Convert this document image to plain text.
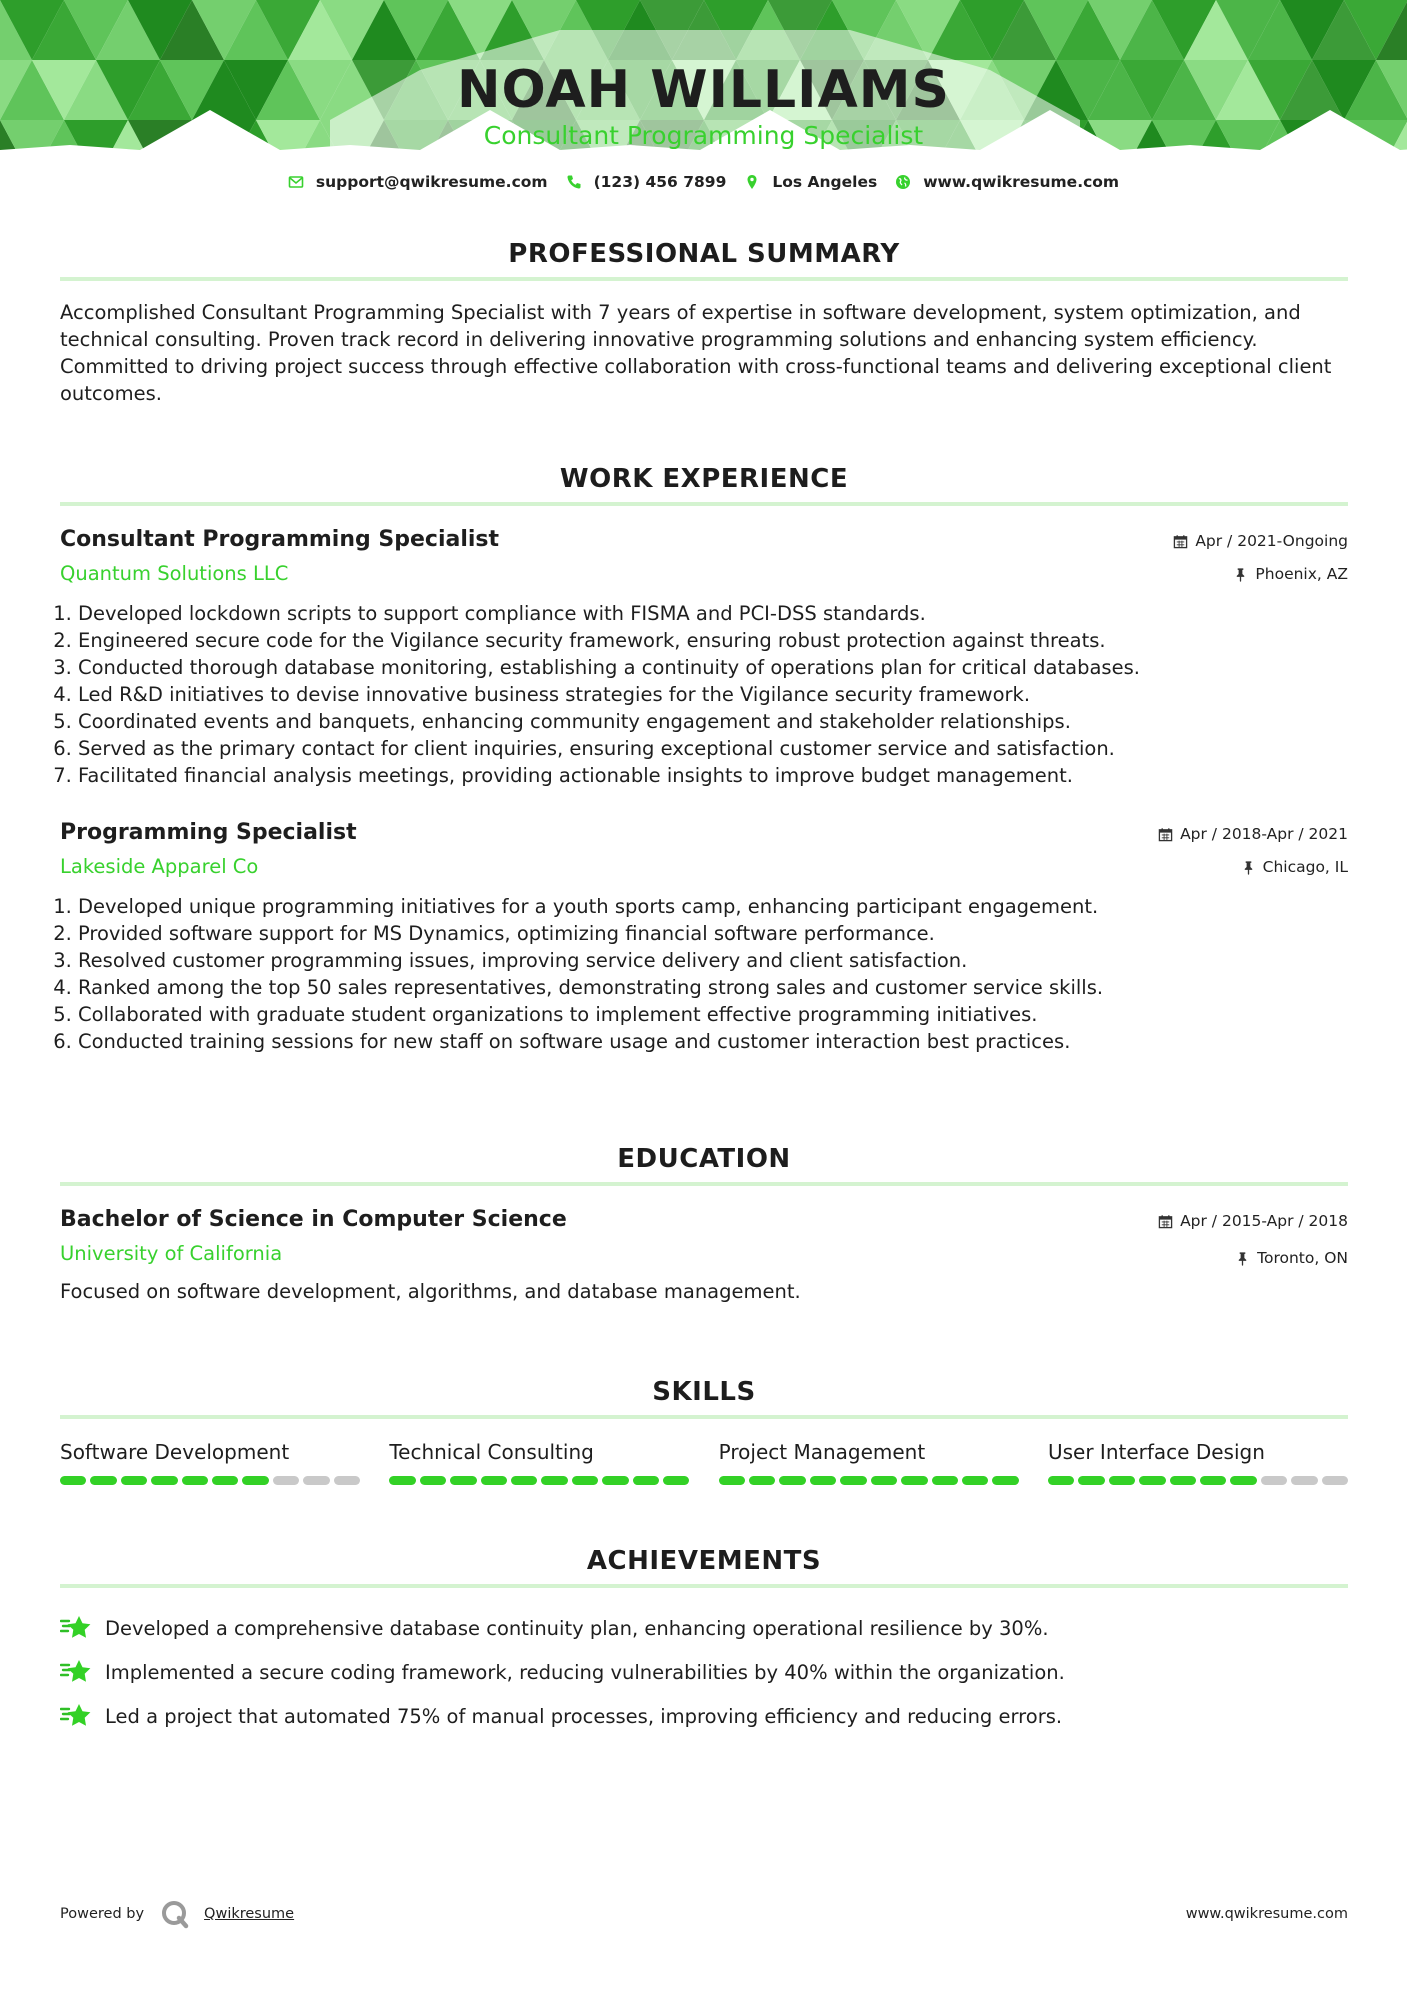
NOAH WILLIAMS
Consultant Programming Specialist
support@qwikresume.com	(123) 456 7899	Los Angeles	www.qwikresume.com
PROFESSIONAL SUMMARY
Accomplished Consultant Programming Specialist with 7 years of expertise in software development, system optimization, and technical consulting. Proven track record in delivering innovative programming solutions and enhancing system efficiency. Committed to driving project success through effective collaboration with cross-functional teams and delivering exceptional client outcomes.
WORK EXPERIENCE
Consultant Programming Specialist
Quantum Solutions LLC
Apr / 2021-Ongoing
Phoenix, AZ
1. Developed lockdown scripts to support compliance with FISMA and PCI-DSS standards.
2. Engineered secure code for the Vigilance security framework, ensuring robust protection against threats.
3. Conducted thorough database monitoring, establishing a continuity of operations plan for critical databases.
4. Led R&D initiatives to devise innovative business strategies for the Vigilance security framework.
5. Coordinated events and banquets, enhancing community engagement and stakeholder relationships.
6. Served as the primary contact for client inquiries, ensuring exceptional customer service and satisfaction.
7. Facilitated financial analysis meetings, providing actionable insights to improve budget management.
Programming Specialist
Lakeside Apparel Co
Apr / 2018-Apr / 2021
Chicago, IL
1. Developed unique programming initiatives for a youth sports camp, enhancing participant engagement.
2. Provided software support for MS Dynamics, optimizing financial software performance.
3. Resolved customer programming issues, improving service delivery and client satisfaction.
4. Ranked among the top 50 sales representatives, demonstrating strong sales and customer service skills.
5. Collaborated with graduate student organizations to implement effective programming initiatives.
6. Conducted training sessions for new staff on software usage and customer interaction best practices.
EDUCATION
Bachelor of Science in Computer Science
University of California
Apr / 2015-Apr / 2018
Toronto, ON
Focused on software development, algorithms, and database management.
SKILLS
Software Development	Technical Consulting	Project Management	User Interface Design
ACHIEVEMENTS
Developed a comprehensive database continuity plan, enhancing operational resilience by 30%.
Implemented a secure coding framework, reducing vulnerabilities by 40% within the organization.
Led a project that automated 75% of manual processes, improving efficiency and reducing errors.
Powered by	Qwikresume	www.qwikresume.com
